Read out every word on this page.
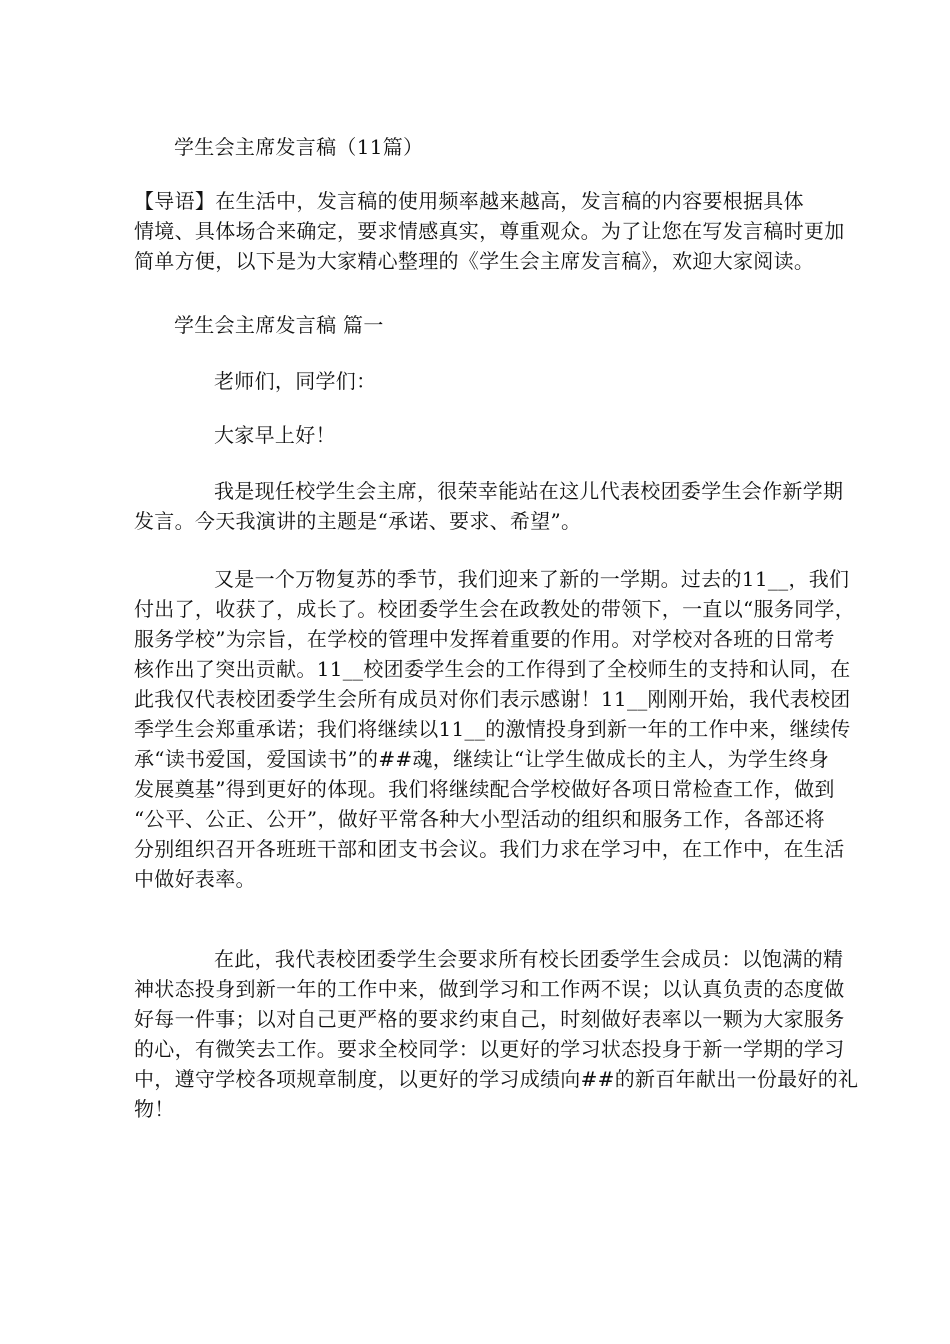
学生会主席发言稿（11篇）
【导语】在生活中，发言稿的使用频率越来越高，发言稿的内容要根据具体
情境、具体场合来确定，要求情感真实，尊重观众。为了让您在写发言稿时更加
简单方便，以下是为大家精心整理的《学生会主席发言稿》，欢迎大家阅读。
学生会主席发言稿 篇一
老师们，同学们：
大家早上好！
我是现任校学生会主席，很荣幸能站在这儿代表校团委学生会作新学期
发言。今天我演讲的主题是“承诺、要求、希望”。
又是一个万物复苏的季节，我们迎来了新的一学期。过去的11__，我们
付出了，收获了，成长了。校团委学生会在政教处的带领下，一直以“服务同学，
服务学校”为宗旨，在学校的管理中发挥着重要的作用。对学校对各班的日常考
核作出了突出贡献。11__校团委学生会的工作得到了全校师生的支持和认同，在
此我仅代表校团委学生会所有成员对你们表示感谢！11__刚刚开始，我代表校团
季学生会郑重承诺；我们将继续以11__的激情投身到新一年的工作中来，继续传
承“读书爱国，爱国读书”的##魂，继续让“让学生做成长的主人，为学生终身
发展奠基”得到更好的体现。我们将继续配合学校做好各项日常检查工作，做到
“公平、公正、公开”，做好平常各种大小型活动的组织和服务工作，各部还将
分别组织召开各班班干部和团支书会议。我们力求在学习中，在工作中，在生活
中做好表率。
在此，我代表校团委学生会要求所有校长团委学生会成员：以饱满的精
神状态投身到新一年的工作中来，做到学习和工作两不误；以认真负责的态度做
好每一件事；以对自己更严格的要求约束自己，时刻做好表率以一颗为大家服务
的心，有微笑去工作。要求全校同学：以更好的学习状态投身于新一学期的学习
中，遵守学校各项规章制度，以更好的学习成绩向##的新百年献出一份最好的礼
物！
